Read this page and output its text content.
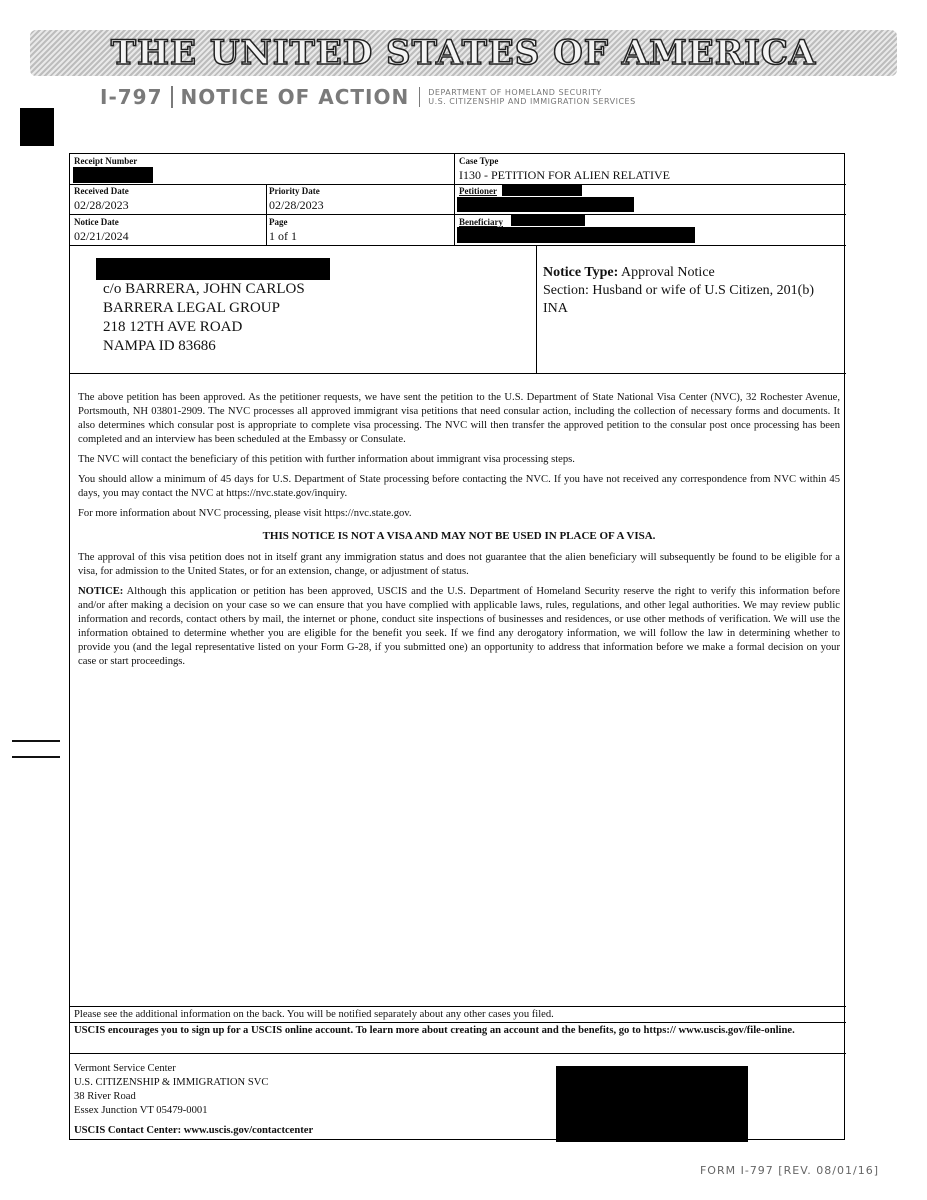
THE UNITED STATES OF AMERICA
I-797 NOTICE OF ACTION DEPARTMENT OF HOMELAND SECURITY
U.S. CITIZENSHIP AND IMMIGRATION SERVICES
Receipt Number	Case Type
I130 - PETITION FOR ALIEN RELATIVE
Received Date
02/28/2023
Priority Date
02/28/2023
Petitioner
Notice Date
02/21/2024
Page
1 of 1
Beneficiary
c/o BARRERA, JOHN CARLOS
BARRERA LEGAL GROUP
218 12TH AVE ROAD
NAMPA ID 83686
Notice Type: Approval Notice
Section: Husband or wife of U.S Citizen, 201(b) INA

The above petition has been approved. As the petitioner requests, we have sent the petition to the U.S. Department of State National Visa Center (NVC), 32 Rochester Avenue, Portsmouth, NH 03801-2909. The NVC processes all approved immigrant visa petitions that need consular action, including the collection of necessary forms and documents. It also determines which consular post is appropriate to complete visa processing. The NVC will then transfer the approved petition to the consular post once processing has been completed and an interview has been scheduled at the Embassy or Consulate.

The NVC will contact the beneficiary of this petition with further information about immigrant visa processing steps.

You should allow a minimum of 45 days for U.S. Department of State processing before contacting the NVC. If you have not received any correspondence from NVC within 45 days, you may contact the NVC at https://nvc.state.gov/inquiry.

For more information about NVC processing, please visit https://nvc.state.gov.

THIS NOTICE IS NOT A VISA AND MAY NOT BE USED IN PLACE OF A VISA.

The approval of this visa petition does not in itself grant any immigration status and does not guarantee that the alien beneficiary will subsequently be found to be eligible for a visa, for admission to the United States, or for an extension, change, or adjustment of status.

NOTICE: Although this application or petition has been approved, USCIS and the U.S. Department of Homeland Security reserve the right to verify this information before and/or after making a decision on your case so we can ensure that you have complied with applicable laws, rules, regulations, and other legal authorities. We may review public information and records, contact others by mail, the internet or phone, conduct site inspections of businesses and residences, or use other methods of verification. We will use the information obtained to determine whether you are eligible for the benefit you seek. If we find any derogatory information, we will follow the law in determining whether to provide you (and the legal representative listed on your Form G-28, if you submitted one) an opportunity to address that information before we make a formal decision on your case or start proceedings.

Please see the additional information on the back. You will be notified separately about any other cases you filed.
USCIS encourages you to sign up for a USCIS online account. To learn more about creating an account and the benefits, go to https:// www.uscis.gov/file-online.
Vermont Service Center
U.S. CITIZENSHIP & IMMIGRATION SVC
38 River Road
Essex Junction VT 05479-0001
USCIS Contact Center: www.uscis.gov/contactcenter
FORM I-797 [REV. 08/01/16]
